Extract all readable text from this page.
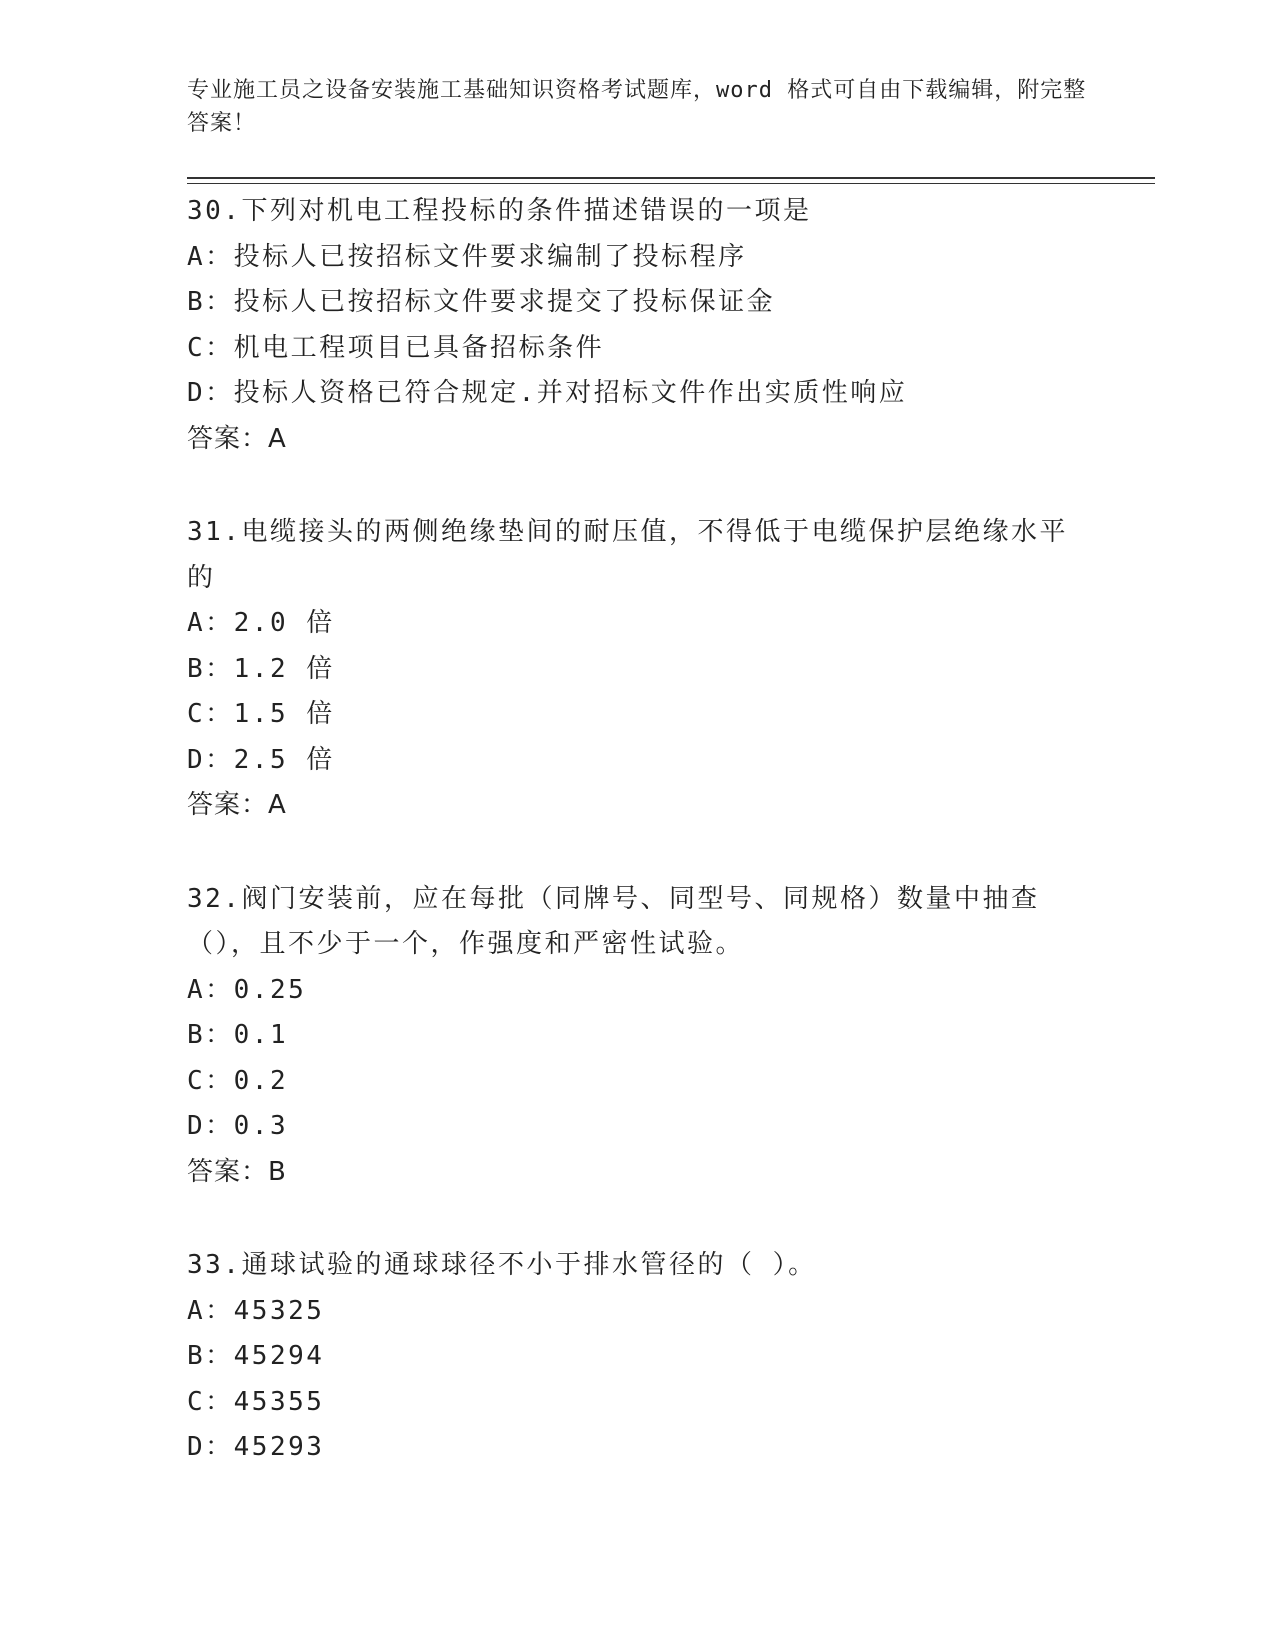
专业施工员之设备安装施工基础知识资格考试题库，word 格式可自由下载编辑，附完整答案！
30.下列对机电工程投标的条件描述错误的一项是
A：投标人已按招标文件要求编制了投标程序
B：投标人已按招标文件要求提交了投标保证金
C：机电工程项目已具备招标条件
D：投标人资格已符合规定.并对招标文件作出实质性响应
答案：A
31.电缆接头的两侧绝缘垫间的耐压值，不得低于电缆保护层绝缘水平的
A：2.0 倍
B：1.2 倍
C：1.5 倍
D：2.5 倍
答案：A
32.阀门安装前，应在每批（同牌号、同型号、同规格）数量中抽查（），且不少于一个，作强度和严密性试验。
A：0.25
B：0.1
C：0.2
D：0.3
答案：B
33.通球试验的通球球径不小于排水管径的（ ）。
A：45325
B：45294
C：45355
D：45293
